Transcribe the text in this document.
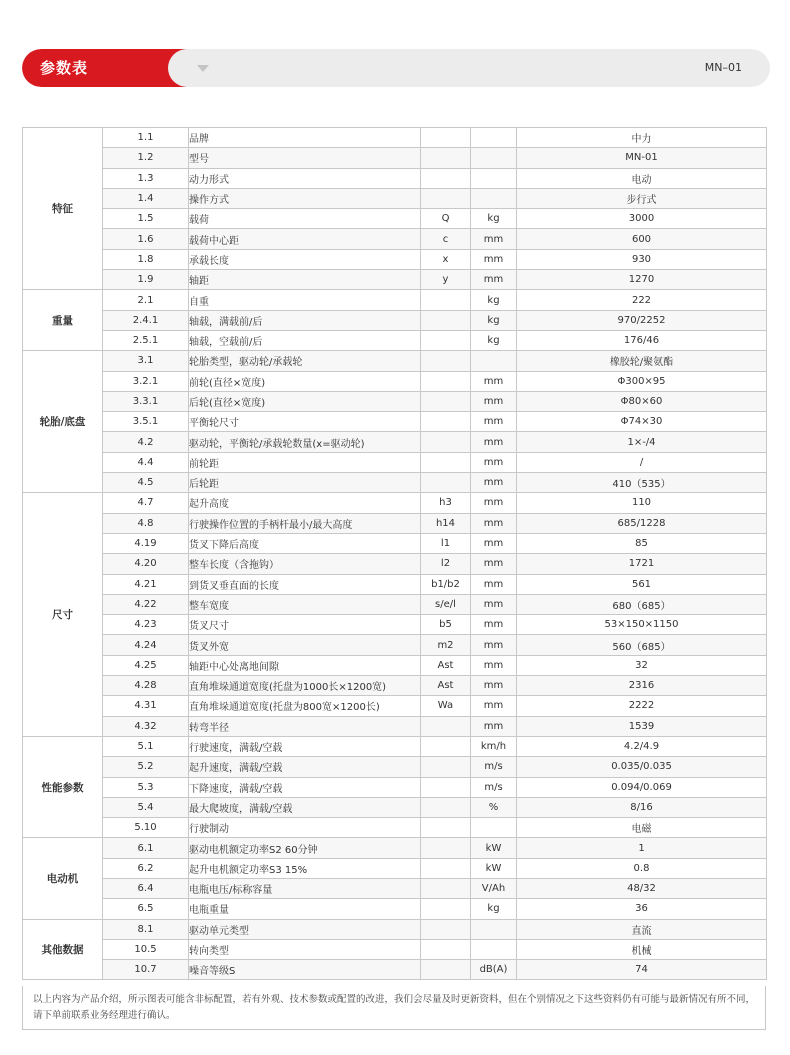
参数表	MN–01
特征	1.1	品牌			中力
	1.2	型号			MN-01
	1.3	动力形式			电动
	1.4	操作方式			步行式
	1.5	载荷	Q	kg	3000
	1.6	载荷中心距	c	mm	600
	1.8	承载长度	x	mm	930
	1.9	轴距	y	mm	1270
重量	2.1	自重		kg	222
	2.4.1	轴载，满载前/后		kg	970/2252
	2.5.1	轴载，空载前/后		kg	176/46
轮胎/底盘	3.1	轮胎类型，驱动轮/承载轮			橡胶轮/聚氨酯
	3.2.1	前轮(直径×宽度)		mm	Φ300×95
	3.3.1	后轮(直径×宽度)		mm	Φ80×60
	3.5.1	平衡轮尺寸		mm	Φ74×30
	4.2	驱动轮，平衡轮/承载轮数量(x=驱动轮)		mm	1×-/4
	4.4	前轮距		mm	/
	4.5	后轮距		mm	410（535）
尺寸	4.7	起升高度	h3	mm	110
	4.8	行驶操作位置的手柄杆最小/最大高度	h14	mm	685/1228
	4.19	货叉下降后高度	l1	mm	85
	4.20	整车长度（含拖钩）	l2	mm	1721
	4.21	到货叉垂直面的长度	b1/b2	mm	561
	4.22	整车宽度	s/e/l	mm	680（685）
	4.23	货叉尺寸	b5	mm	53×150×1150
	4.24	货叉外宽	m2	mm	560（685）
	4.25	轴距中心处离地间隙	Ast	mm	32
	4.28	直角堆垛通道宽度(托盘为1000长×1200宽)	Ast	mm	2316
	4.31	直角堆垛通道宽度(托盘为800宽×1200长)	Wa	mm	2222
	4.32	转弯半径		mm	1539
性能参数	5.1	行驶速度，满载/空载		km/h	4.2/4.9
	5.2	起升速度，满载/空载		m/s	0.035/0.035
	5.3	下降速度，满载/空载		m/s	0.094/0.069
	5.4	最大爬坡度，满载/空载		%	8/16
	5.10	行驶制动			电磁
电动机	6.1	驱动电机额定功率S2 60分钟		kW	1
	6.2	起升电机额定功率S3 15%		kW	0.8
	6.4	电瓶电压/标称容量		V/Ah	48/32
	6.5	电瓶重量		kg	36
其他数据	8.1	驱动单元类型			直流
	10.5	转向类型			机械
	10.7	噪音等级S		dB(A)	74
以上内容为产品介绍，所示图表可能含非标配置，若有外观、技术参数或配置的改进，我们会尽量及时更新资料，但在个别情况之下这些资料仍有可能与最新情况有所不同，请下单前联系业务经理进行确认。
